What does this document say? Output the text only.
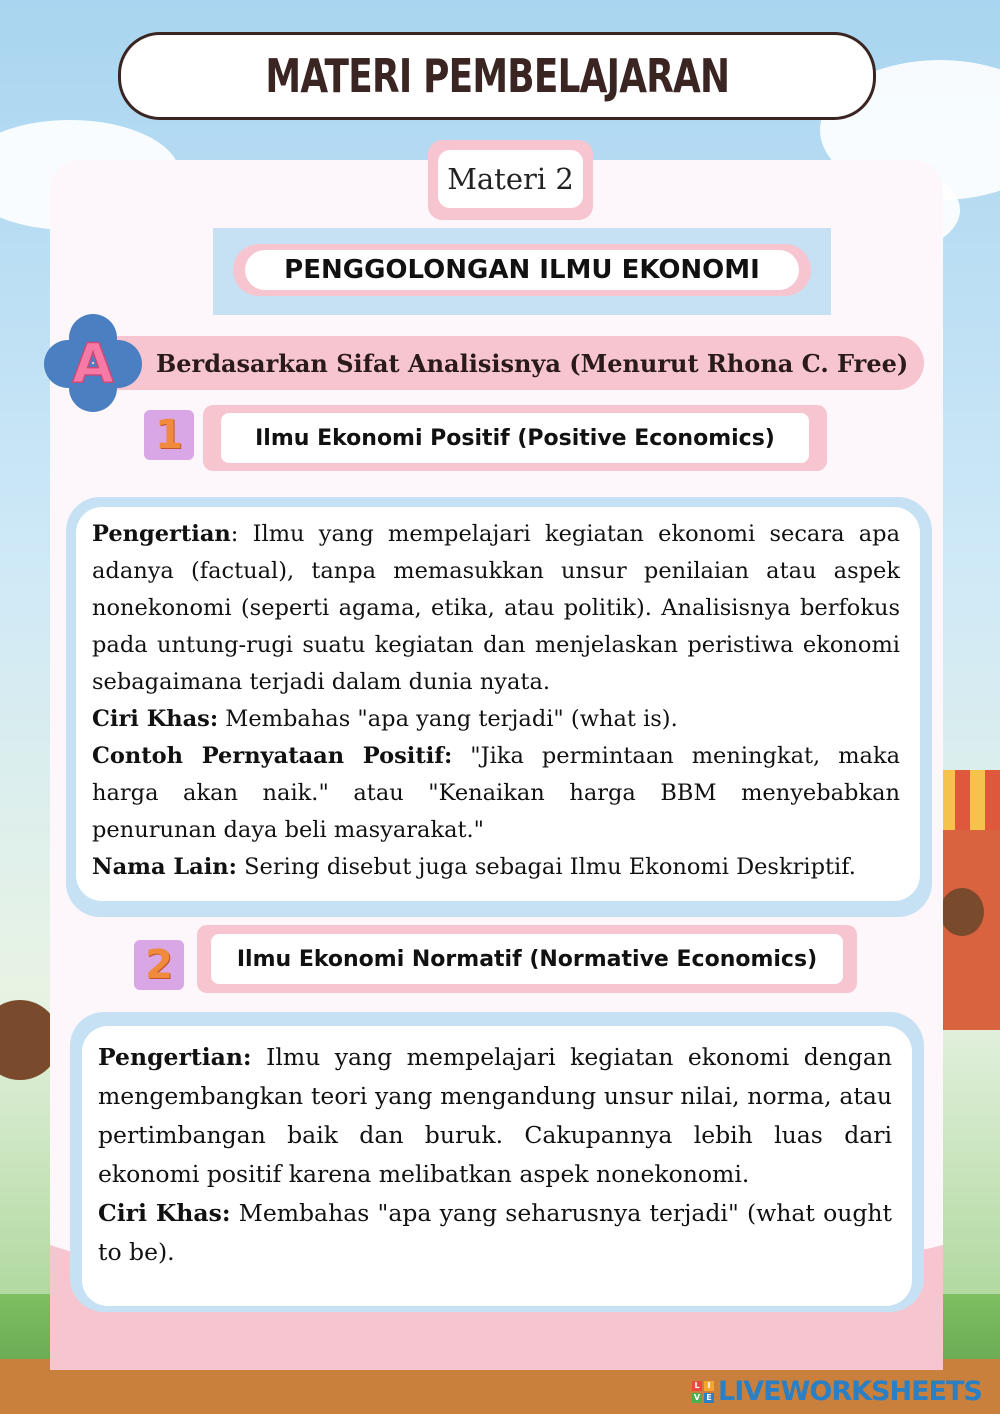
MATERI PEMBELAJARAN
Materi 2
PENGGOLONGAN ILMU EKONOMI
Berdasarkan Sifat Analisisnya (Menurut Rhona C. Free)
A
1	Ilmu Ekonomi Positif (Positive Economics)

Pengertian: Ilmu yang mempelajari kegiatan ekonomi secara apa adanya (factual), tanpa memasukkan unsur penilaian atau aspek nonekonomi (seperti agama, etika, atau politik). Analisisnya berfokus pada untung-rugi suatu kegiatan dan menjelaskan peristiwa ekonomi sebagaimana terjadi dalam dunia nyata.

Ciri Khas: Membahas "apa yang terjadi" (what is).

Contoh Pernyataan Positif: "Jika permintaan meningkat, maka harga akan naik." atau "Kenaikan harga BBM menyebabkan penurunan daya beli masyarakat."

Nama Lain: Sering disebut juga sebagai Ilmu Ekonomi Deskriptif.

2	Ilmu Ekonomi Normatif (Normative Economics)

Pengertian: Ilmu yang mempelajari kegiatan ekonomi dengan mengembangkan teori yang mengandung unsur nilai, norma, atau pertimbangan baik dan buruk. Cakupannya lebih luas dari ekonomi positif karena melibatkan aspek nonekonomi.

Ciri Khas: Membahas "apa yang seharusnya terjadi" (what ought to be).

L I
V E LIVEWORKSHEETS
